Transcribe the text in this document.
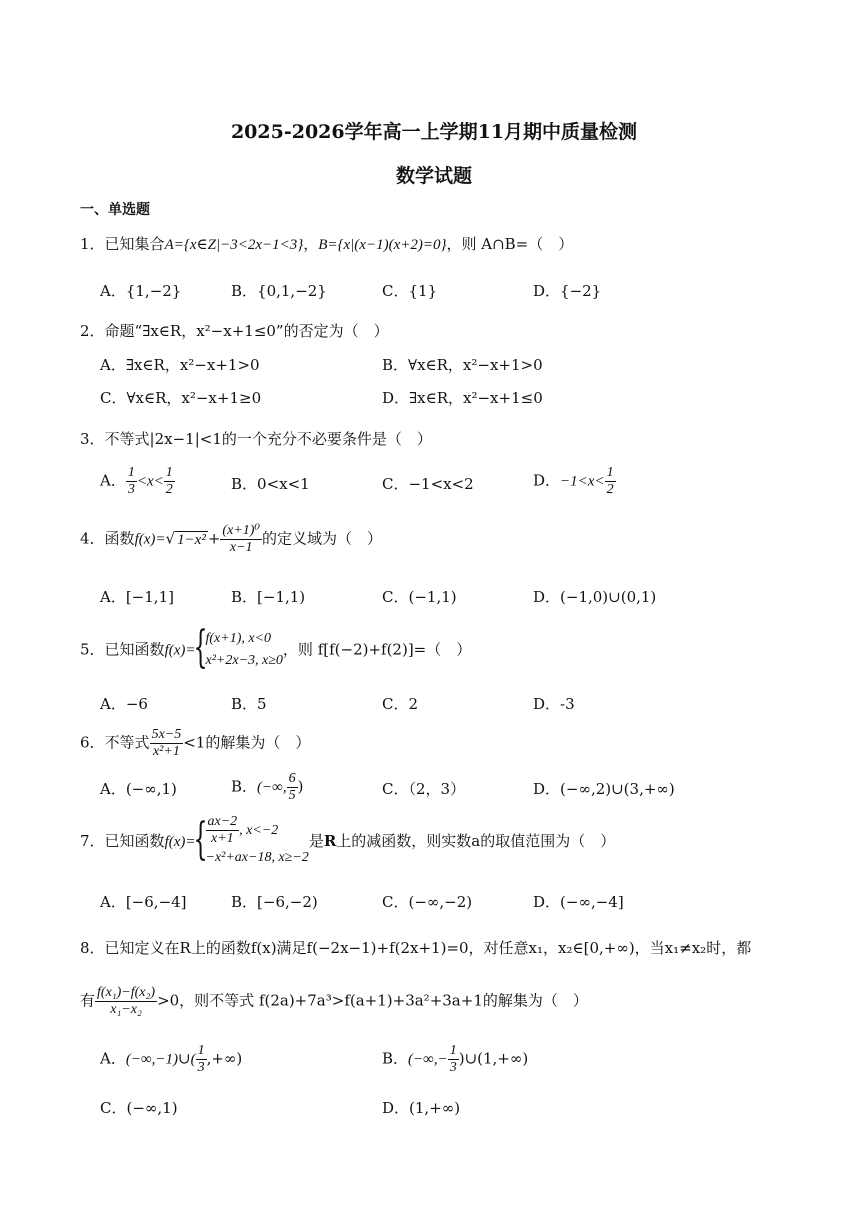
2025-2026学年高一上学期11月期中质量检测
数学试题
一、单选题
1．已知集合A={x∈Z|−3<2x−1<3}，B={x|(x−1)(x+2)=0}，则 A∩B=（　）
A．{1,−2}	B．{0,1,−2}	C．{1}	D．{−2}
2．命题“∃x∈R，x²−x+1≤0”的否定为（　）
A．∃x∈R，x²−x+1>0	B．∀x∈R，x²−x+1>0
C．∀x∈R，x²−x+1≥0	D．∃x∈R，x²−x+1≤0
3．不等式|2x−1|<1的一个充分不必要条件是（　）
A． $\frac{1}{3} <x< \frac{1}{2}$	B．0<x<1	C．−1<x<2	D．$-1<x< \frac{1}{2}$
4．函数f(x)=√ $1-x^2 + \frac{\text{(x+1)⁰}}{x-1}$ 的定义域为（　）
A．[−1,1]	B．[−1,1)	C．(−1,1)	D．(−1,0)∪(0,1)
5．已知函数f(x)=
{ f(x+1), x<0
x²+2x−3, x≥0
，则 f[f(−2)+f(2)]=（　）
A．−6	B．5	C．2	D．-3
6．不等式 $\frac{5x-5}{\text{x²+1}} <1$的解集为（　）
A．(−∞,1)	B．(−∞, $\frac{6}{5}$ )	C．（2，3）	D．(−∞,2)∪(3,+∞)
7．已知函数f(x)=
{ $\frac{ax-2}{x+1}$ , x<−2
−x²+ax−18, x≥−2
是R上的减函数，则实数a的取值范围为（　）
A．[−6,−4]	B．[−6,−2)	C．(−∞,−2)	D．(−∞,−4]
8．已知定义在R上的函数f(x)满足f(−2x−1)+f(2x+1)=0，对任意x₁，x₂∈[0,+∞)，当x₁≠x₂时，都
有 $\frac{\text{f(x₁)−f(x₂)}}{\text{x₁−x₂}} >0$，则不等式 f(2a)+7a³>f(a+1)+3a²+3a+1的解集为（　）
A．(−∞,−1)∪( $\frac{1}{3}$ ,+∞)	B．(−∞,− $\frac{1}{3}$ )∪(1,+∞)
C．(−∞,1)	D．(1,+∞)
